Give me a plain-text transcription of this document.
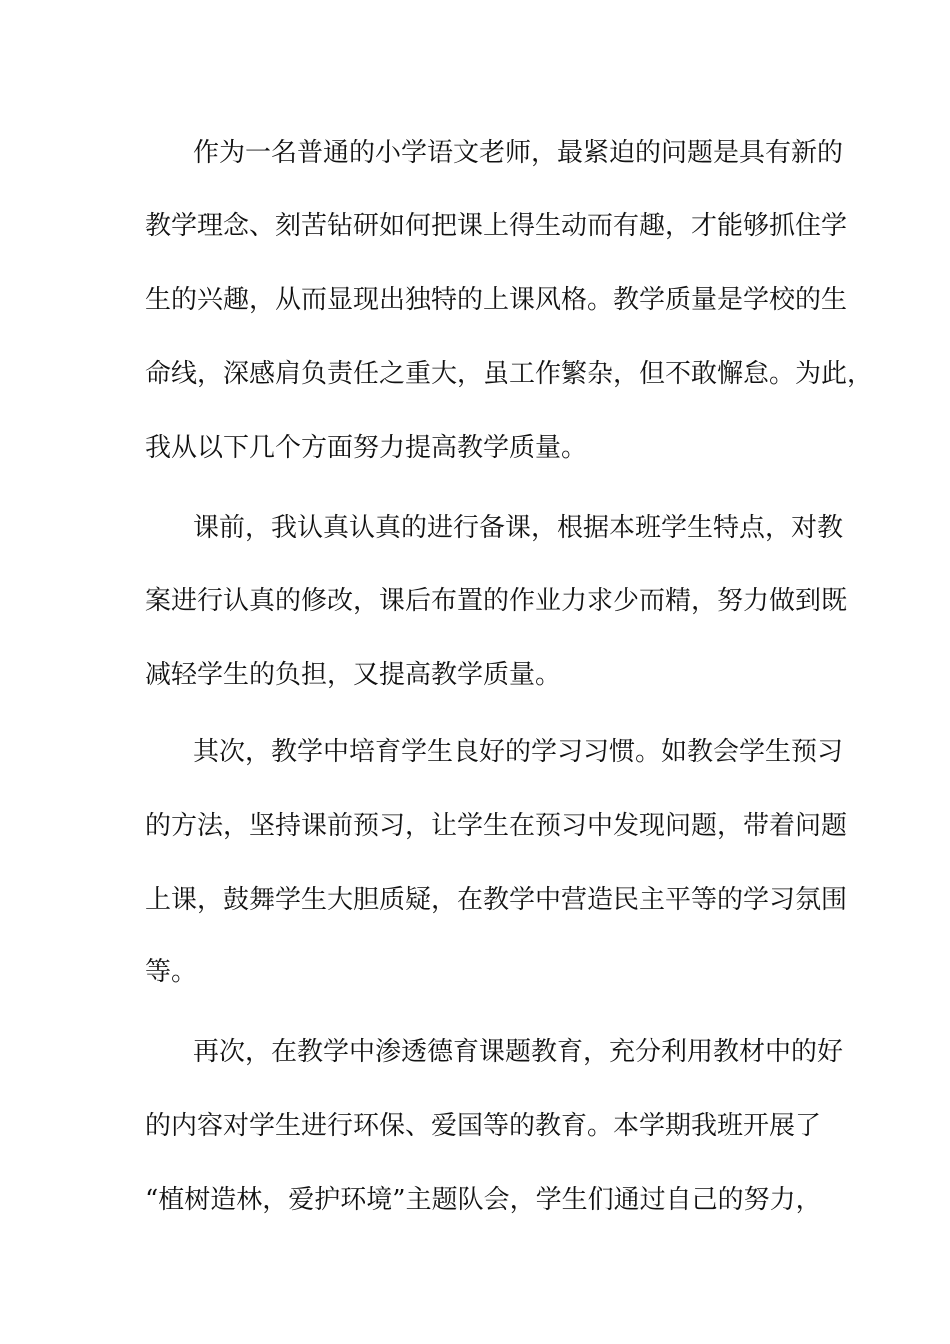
作为一名普通的小学语文老师，最紧迫的问题是具有新的
教学理念、刻苦钻研如何把课上得生动而有趣，才能够抓住学
生的兴趣，从而显现出独特的上课风格。教学质量是学校的生
命线，深感肩负责任之重大，虽工作繁杂，但不敢懈怠。为此，
我从以下几个方面努力提高教学质量。
课前，我认真认真的进行备课，根据本班学生特点，对教
案进行认真的修改，课后布置的作业力求少而精，努力做到既
减轻学生的负担，又提高教学质量。
其次，教学中培育学生良好的学习习惯。如教会学生预习
的方法，坚持课前预习，让学生在预习中发现问题，带着问题
上课，鼓舞学生大胆质疑，在教学中营造民主平等的学习氛围
等。
再次，在教学中渗透德育课题教育，充分利用教材中的好
的内容对学生进行环保、爱国等的教育。本学期我班开展了
“植树造林，爱护环境”主题队会，学生们通过自己的努力，
